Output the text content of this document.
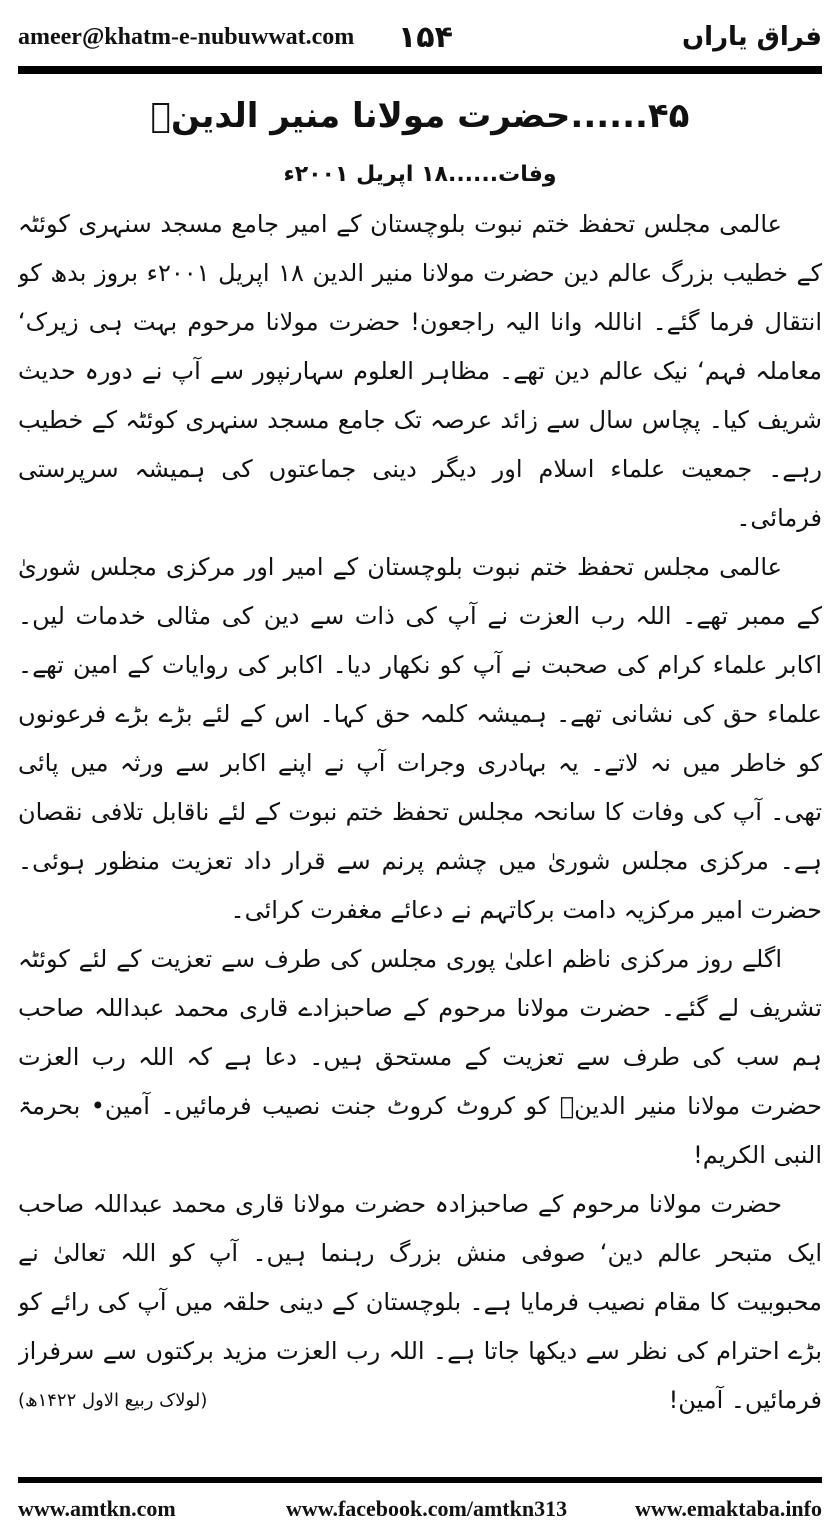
ameer@khatm-e-nubuwwat.com ۱۵۴	فراق یاراں
۴۵......حضرت مولانا منیر الدینؒ
وفات......۱۸ اپریل ۲۰۰۱ء

عالمی مجلس تحفظ ختم نبوت بلوچستان کے امیر جامع مسجد سنہری کوئٹہ کے خطیب بزرگ عالم دین حضرت مولانا منیر الدین ۱۸ اپریل ۲۰۰۱ء بروز بدھ کو انتقال فرما گئے۔ اناللہ وانا الیہ راجعون! حضرت مولانا مرحوم بہت ہی زیرک‘ معاملہ فہم‘ نیک عالم دین تھے۔ مظاہر العلوم سہارنپور سے آپ نے دورہ حدیث شریف کیا۔ پچاس سال سے زائد عرصہ تک جامع مسجد سنہری کوئٹہ کے خطیب رہے۔ جمعیت علماء اسلام اور دیگر دینی جماعتوں کی ہمیشہ سرپرستی فرمائی۔

عالمی مجلس تحفظ ختم نبوت بلوچستان کے امیر اور مرکزی مجلس شوریٰ کے ممبر تھے۔ اللہ رب العزت نے آپ کی ذات سے دین کی مثالی خدمات لیں۔ اکابر علماء کرام کی صحبت نے آپ کو نکھار دیا۔ اکابر کی روایات کے امین تھے۔ علماء حق کی نشانی تھے۔ ہمیشہ کلمہ حق کہا۔ اس کے لئے بڑے بڑے فرعونوں کو خاطر میں نہ لاتے۔ یہ بہادری وجرات آپ نے اپنے اکابر سے ورثہ میں پائی تھی۔ آپ کی وفات کا سانحہ مجلس تحفظ ختم نبوت کے لئے ناقابل تلافی نقصان ہے۔ مرکزی مجلس شوریٰ میں چشم پرنم سے قرار داد تعزیت منظور ہوئی۔ حضرت امیر مرکزیہ دامت برکاتہم نے دعائے مغفرت کرائی۔

اگلے روز مرکزی ناظم اعلیٰ پوری مجلس کی طرف سے تعزیت کے لئے کوئٹہ تشریف لے گئے۔ حضرت مولانا مرحوم کے صاحبزادے قاری محمد عبداللہ صاحب ہم سب کی طرف سے تعزیت کے مستحق ہیں۔ دعا ہے کہ اللہ رب العزت حضرت مولانا منیر الدینؒ کو کروٹ کروٹ جنت نصیب فرمائیں۔ آمین• بحرمۃ النبی الکریم!

حضرت مولانا مرحوم کے صاحبزادہ حضرت مولانا قاری محمد عبداللہ صاحب ایک متبحر عالم دین‘ صوفی منش بزرگ رہنما ہیں۔ آپ کو اللہ تعالیٰ نے محبوبیت کا مقام نصیب فرمایا ہے۔ بلوچستان کے دینی حلقہ میں آپ کی رائے کو بڑے احترام کی نظر سے دیکھا جاتا ہے۔ اللہ رب العزت مزید برکتوں سے سرفراز فرمائیں۔ آمین!
(لولاک ربیع الاول ۱۴۲۲ھ)

www.amtkn.com	www.facebook.com/amtkn313	www.emaktaba.info
